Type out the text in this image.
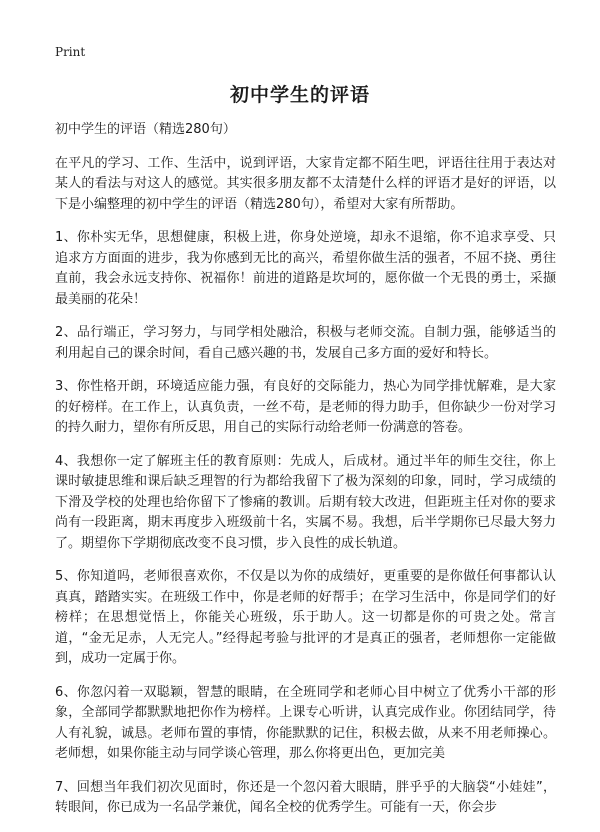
Print
初中学生的评语

初中学生的评语（精选280句）

在平凡的学习、工作、生活中，说到评语，大家肯定都不陌生吧，评语往往用于表达对某人的看法与对这人的感觉。其实很多朋友都不太清楚什么样的评语才是好的评语，以下是小编整理的初中学生的评语（精选280句），希望对大家有所帮助。

1、你朴实无华，思想健康，积极上进，你身处逆境，却永不退缩，你不追求享受、只追求方方面面的进步，我为你感到无比的高兴，希望你做生活的强者，不屈不挠、勇往直前，我会永远支持你、祝福你！前进的道路是坎坷的，愿你做一个无畏的勇士，采撷最美丽的花朵！

2、品行端正，学习努力，与同学相处融洽，积极与老师交流。自制力强，能够适当的利用起自己的课余时间，看自己感兴趣的书，发展自己多方面的爱好和特长。

3、你性格开朗，环境适应能力强，有良好的交际能力，热心为同学排忧解难，是大家的好榜样。在工作上，认真负责，一丝不苟，是老师的得力助手，但你缺少一份对学习的持久耐力，望你有所反思，用自己的实际行动给老师一份满意的答卷。

4、我想你一定了解班主任的教育原则：先成人，后成材。通过半年的师生交往，你上课时敏捷思维和课后缺乏理智的行为都给我留下了极为深刻的印象，同时，学习成绩的下滑及学校的处理也给你留下了惨痛的教训。后期有较大改进，但距班主任对你的要求尚有一段距离，期末再度步入班级前十名，实属不易。我想，后半学期你已尽最大努力了。期望你下学期彻底改变不良习惯，步入良性的成长轨道。

5、你知道吗，老师很喜欢你，不仅是以为你的成绩好，更重要的是你做任何事都认认真真，踏踏实实。在班级工作中，你是老师的好帮手；在学习生活中，你是同学们的好榜样；在思想觉悟上，你能关心班级，乐于助人。这一切都是你的可贵之处。常言道，“金无足赤，人无完人。”经得起考验与批评的才是真正的强者，老师想你一定能做到，成功一定属于你。

6、你忽闪着一双聪颖，智慧的眼睛，在全班同学和老师心目中树立了优秀小干部的形象，全部同学都默默地把你作为榜样。上课专心听讲，认真完成作业。你团结同学，待人有礼貌，诚恳。老师布置的事情，你能默默的记住，积极去做，从来不用老师操心。老师想，如果你能主动与同学谈心管理，那么你将更出色，更加完美

7、回想当年我们初次见面时，你还是一个忽闪着大眼睛，胖乎乎的大脑袋“小娃娃”，转眼间，你已成为一名品学兼优，闻名全校的优秀学生。可能有一天，你会步
